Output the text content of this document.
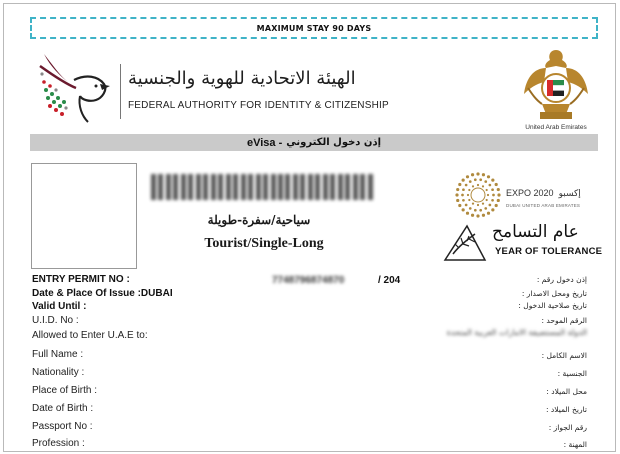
MAXIMUM STAY 90 DAYS
الهيئة الاتحادية للهوية والجنسية
FEDERAL AUTHORITY FOR IDENTITY & CITIZENSHIP
United Arab Emirates
eVisa - إذن دخول الكتروني
سياحية/سفرة-طويلة
Tourist/Single-Long
EXPO 2020 إكسبو
DUBAI UNITED ARAB EMIRATES
عام التسامح
YEAR OF TOLERANCE
ENTRY PERMIT NO :	7748796874870	/ 204	إذن دخول رقم :
Date & Place Of Issue :DUBAI	تاريخ ومحل الاصدار :
Valid Until :	تاريخ صلاحية الدخول :
U.I.D. No :	الرقم الموحد :
Allowed to Enter U.A.E to:	الدولة المستضيفة الامارات العربية المتحدة
Full Name :	الاسم الكامل :
Nationality :	الجنسية :
Place of Birth :	محل الميلاد :
Date of Birth :	تاريخ الميلاد :
Passport No :	رقم الجواز :
Profession :	المهنة :
